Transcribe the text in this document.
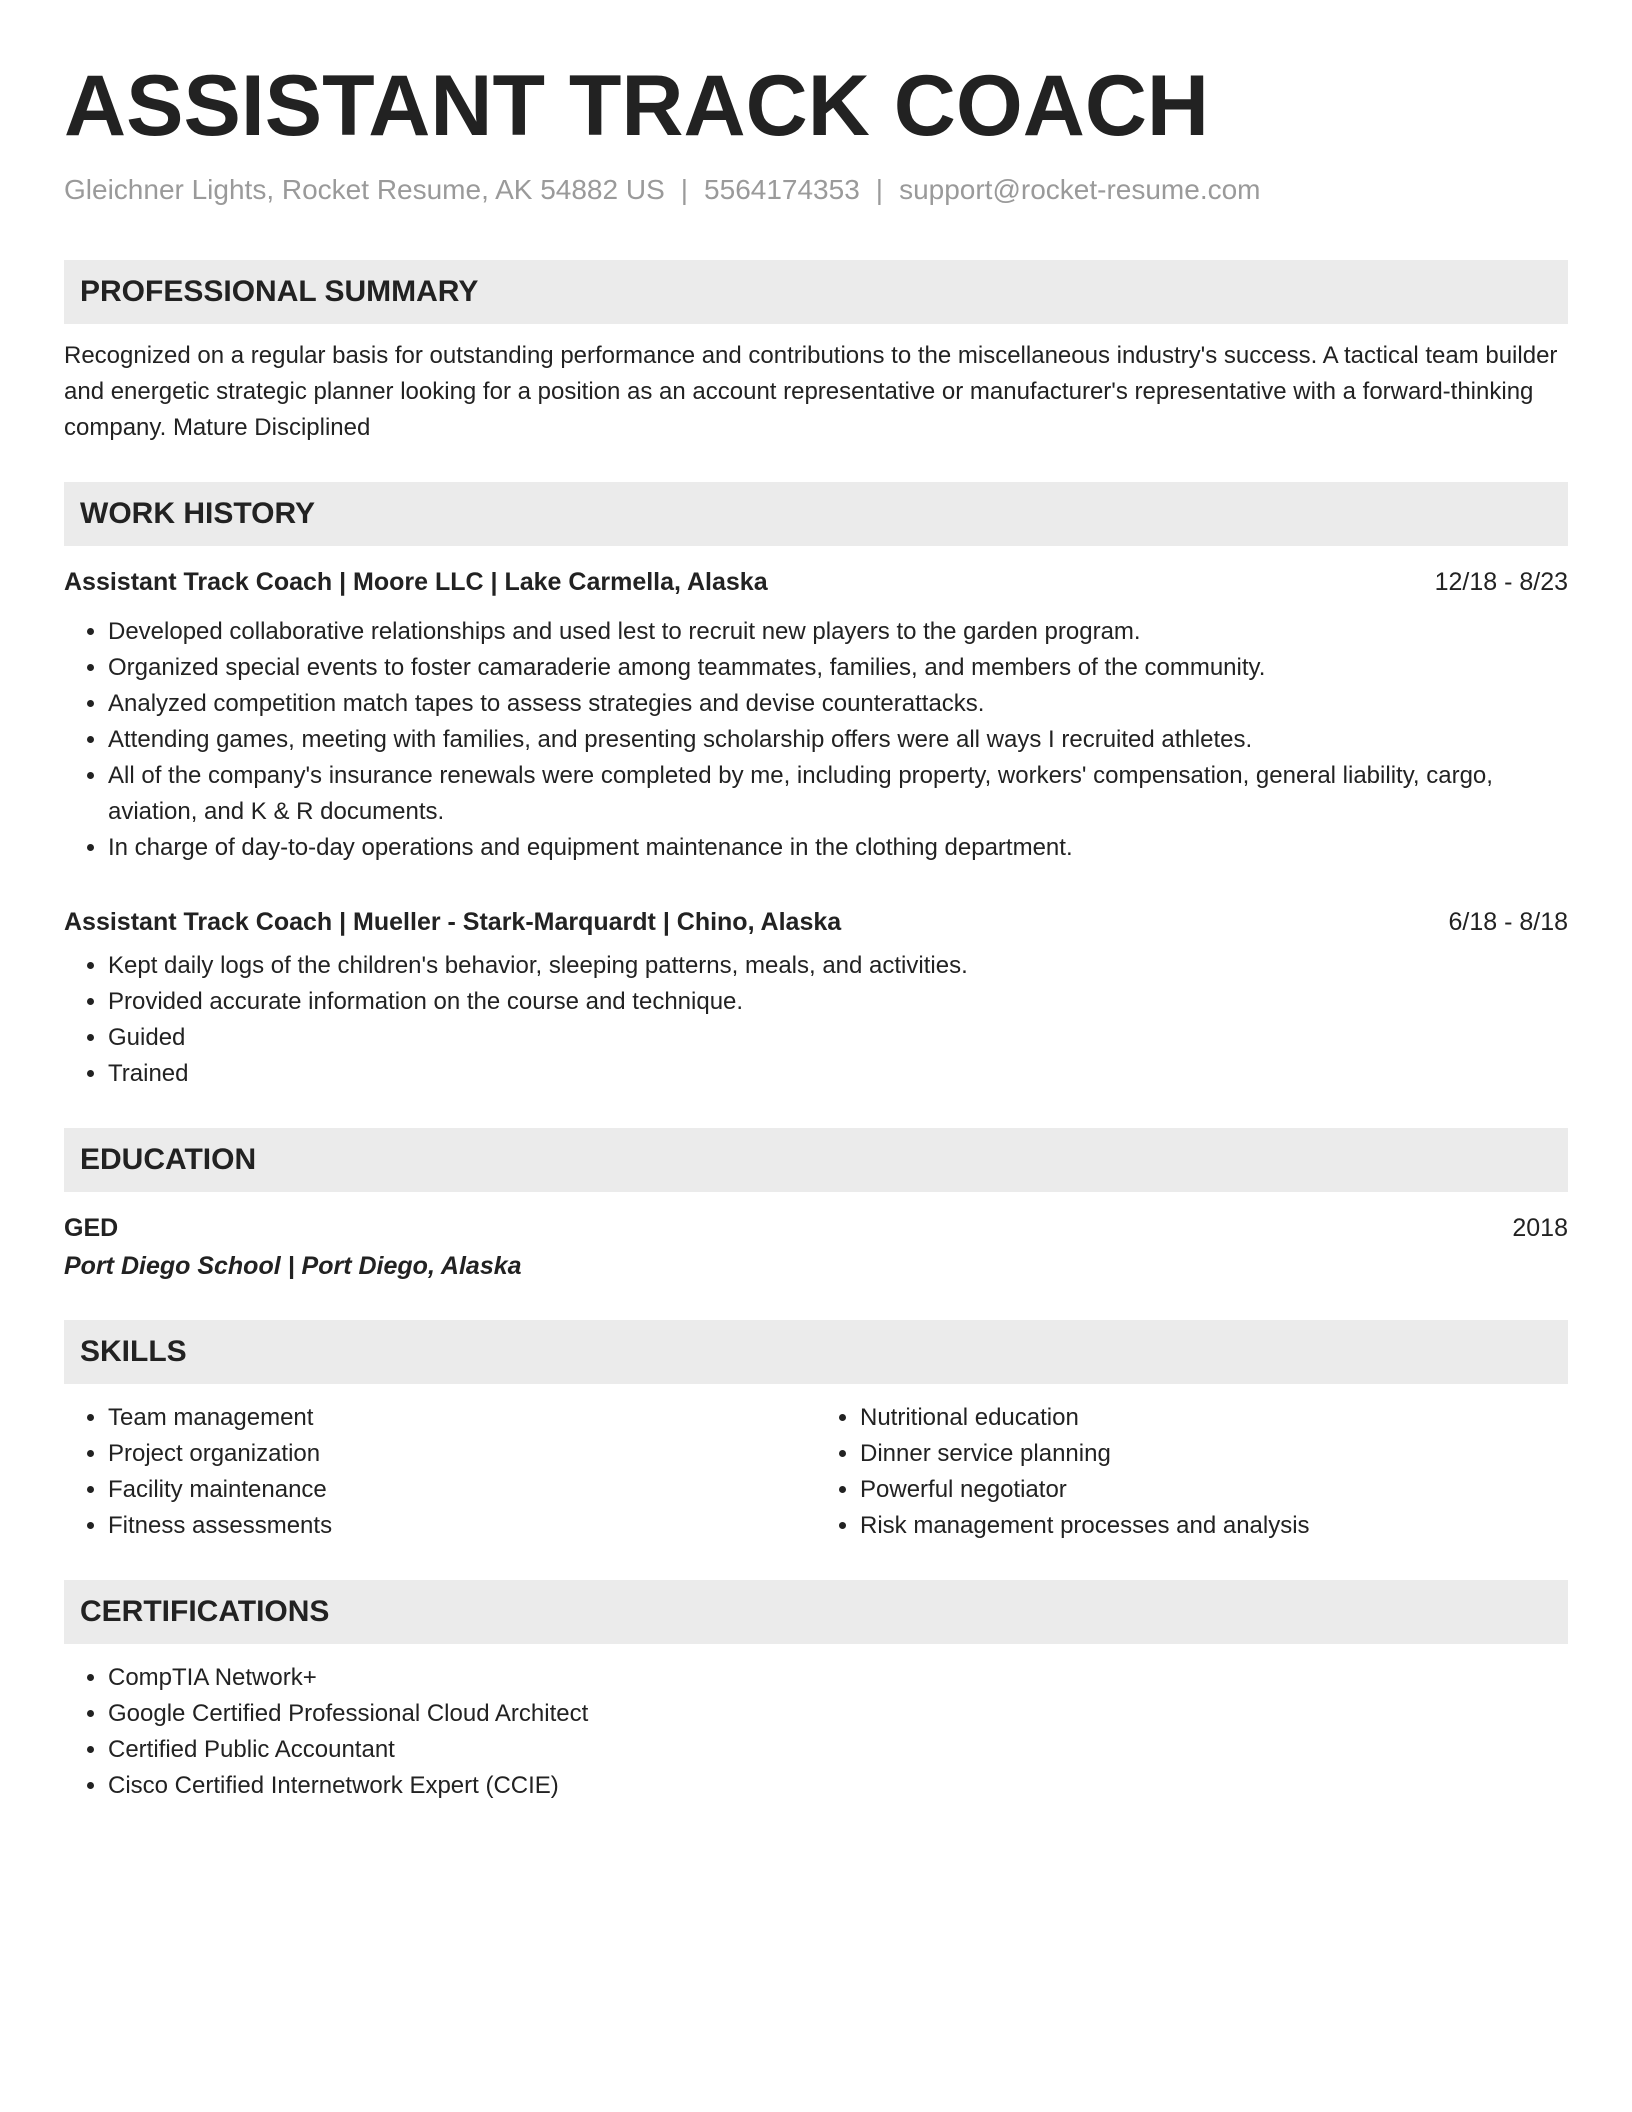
ASSISTANT TRACK COACH
Gleichner Lights, Rocket Resume, AK 54882 US | 5564174353 | support@rocket-resume.com
PROFESSIONAL SUMMARY

Recognized on a regular basis for outstanding performance and contributions to the miscellaneous industry's success. A tactical team builder and energetic strategic planner looking for a position as an account representative or manufacturer's representative with a forward-thinking company. Mature Disciplined

WORK HISTORY
Assistant Track Coach | Moore LLC | Lake Carmella, Alaska	12/18 - 8/23
• Developed collaborative relationships and used lest to recruit new players to the garden program.
• Organized special events to foster camaraderie among teammates, families, and members of the community.
• Analyzed competition match tapes to assess strategies and devise counterattacks.
• Attending games, meeting with families, and presenting scholarship offers were all ways I recruited athletes.
• All of the company's insurance renewals were completed by me, including property, workers' compensation, general liability, cargo, aviation, and K & R documents.
• In charge of day-to-day operations and equipment maintenance in the clothing department.
Assistant Track Coach | Mueller - Stark-Marquardt | Chino, Alaska	6/18 - 8/18
• Kept daily logs of the children's behavior, sleeping patterns, meals, and activities.
• Provided accurate information on the course and technique.
• Guided
• Trained
EDUCATION
GED	2018
Port Diego School | Port Diego, Alaska
SKILLS
• Team management
• Project organization
• Facility maintenance
• Fitness assessments
• Nutritional education
• Dinner service planning
• Powerful negotiator
• Risk management processes and analysis
CERTIFICATIONS
• CompTIA Network+
• Google Certified Professional Cloud Architect
• Certified Public Accountant
• Cisco Certified Internetwork Expert (CCIE)
